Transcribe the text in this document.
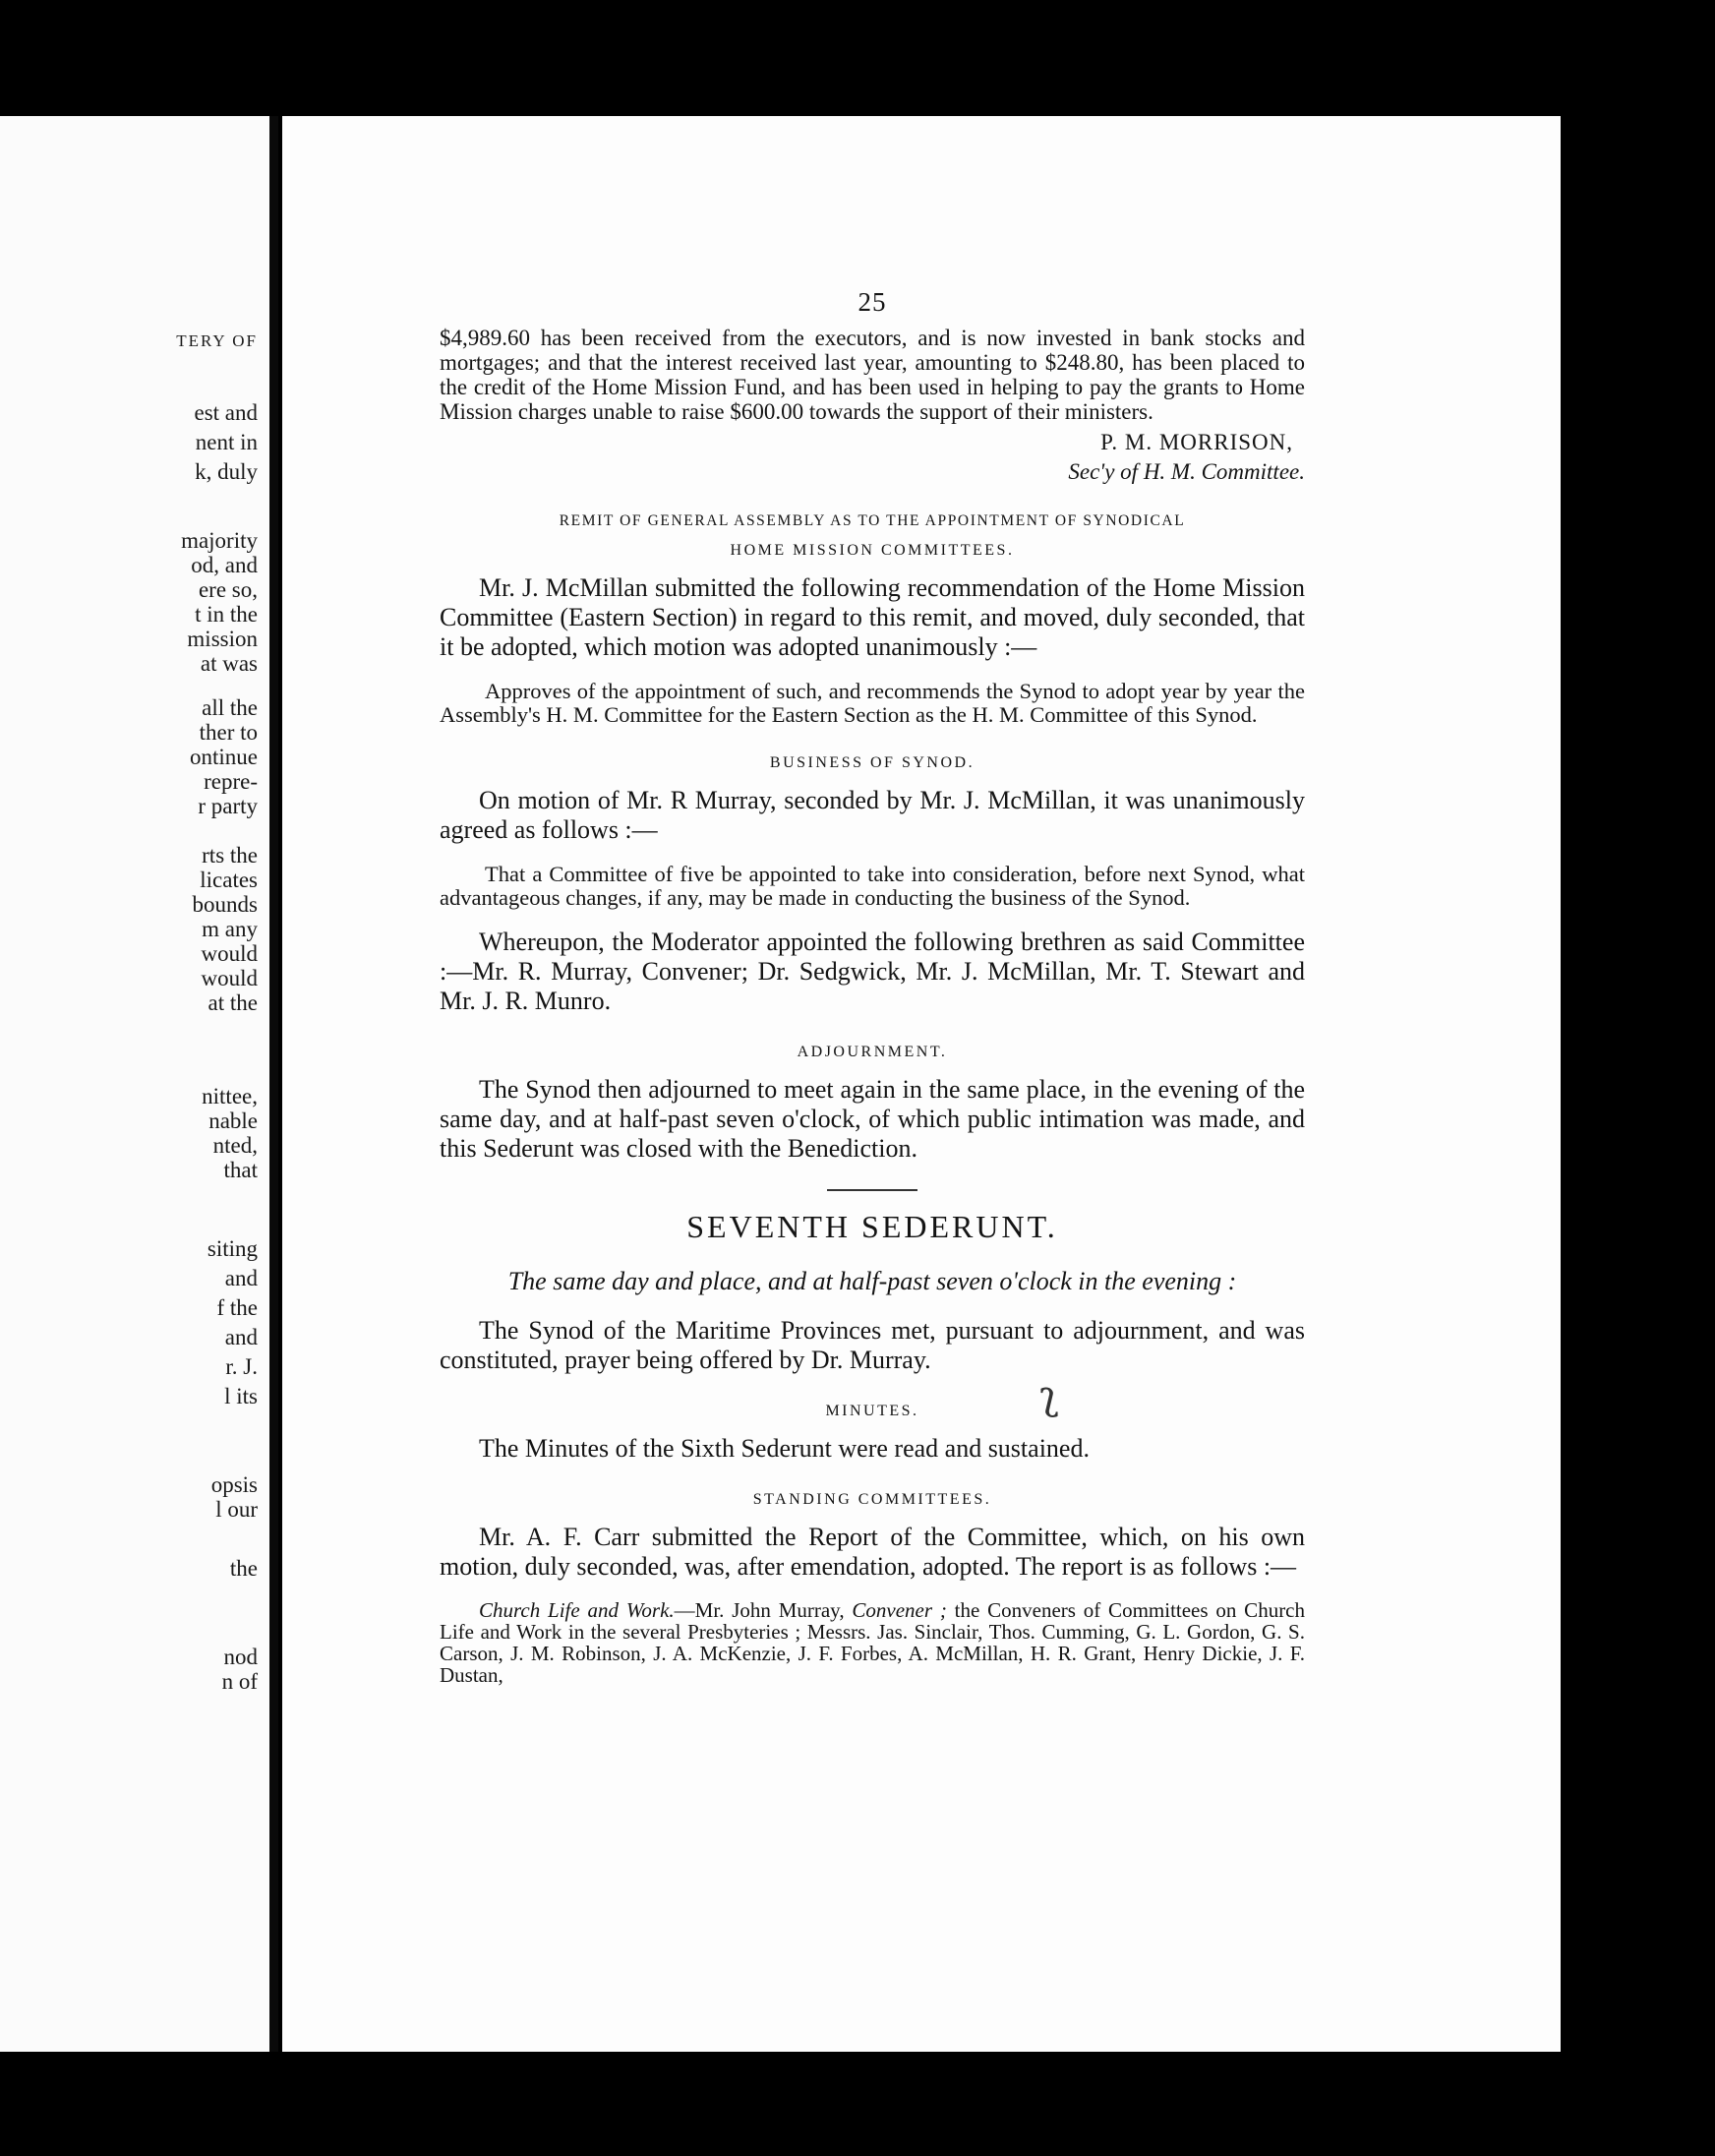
TERY OF
est and
nent in
k, duly
majority
od, and
ere so,
t in the
mission
at was
all the
ther to
ontinue
repre-
r party
rts the
licates
bounds
m any
would
would
at the
nittee,
nable
nted,
that
siting
and
f the
and
r. J.
l its
opsis
l our
the
nod
n of

25

$4,989.60 has been received from the executors, and is now invested in bank stocks and mortgages; and that the interest received last year, amounting to $248.80, has been placed to the credit of the Home Mission Fund, and has been used in helping to pay the grants to Home Mission charges unable to raise $600.00 towards the support of their ministers.

P. M. MORRISON,

Sec'y of H. M. Committee.

REMIT OF GENERAL ASSEMBLY AS TO THE APPOINTMENT OF SYNODICAL

HOME MISSION COMMITTEES.

Mr. J. McMillan submitted the following recommendation of the Home Mission Committee (Eastern Section) in regard to this remit, and moved, duly seconded, that it be adopted, which motion was adopted unanimously :—

Approves of the appointment of such, and recommends the Synod to adopt year by year the Assembly's H. M. Committee for the Eastern Section as the H. M. Committee of this Synod.

BUSINESS OF SYNOD.

On motion of Mr. R Murray, seconded by Mr. J. McMillan, it was unanimously agreed as follows :—

That a Committee of five be appointed to take into consideration, before next Synod, what advantageous changes, if any, may be made in conducting the business of the Synod.

Whereupon, the Moderator appointed the following brethren as said Committee :—Mr. R. Murray, Convener; Dr. Sedgwick, Mr. J. McMillan, Mr. T. Stewart and Mr. J. R. Munro.

ADJOURNMENT.

The Synod then adjourned to meet again in the same place, in the evening of the same day, and at half-past seven o'clock, of which public intimation was made, and this Sederunt was closed with the Benediction.

SEVENTH SEDERUNT.

The same day and place, and at half-past seven o'clock in the evening :

The Synod of the Maritime Provinces met, pursuant to adjournment, and was constituted, prayer being offered by Dr. Murray.

MINUTES.	ʅ

The Minutes of the Sixth Sederunt were read and sustained.

STANDING COMMITTEES.

Mr. A. F. Carr submitted the Report of the Committee, which, on his own motion, duly seconded, was, after emendation, adopted. The report is as follows :—

Church Life and Work.—Mr. John Murray, Convener ; the Conveners of Committees on Church Life and Work in the several Presbyteries ; Messrs. Jas. Sinclair, Thos. Cumming, G. L. Gordon, G. S. Carson, J. M. Robinson, J. A. McKenzie, J. F. Forbes, A. McMillan, H. R. Grant, Henry Dickie, J. F. Dustan,
